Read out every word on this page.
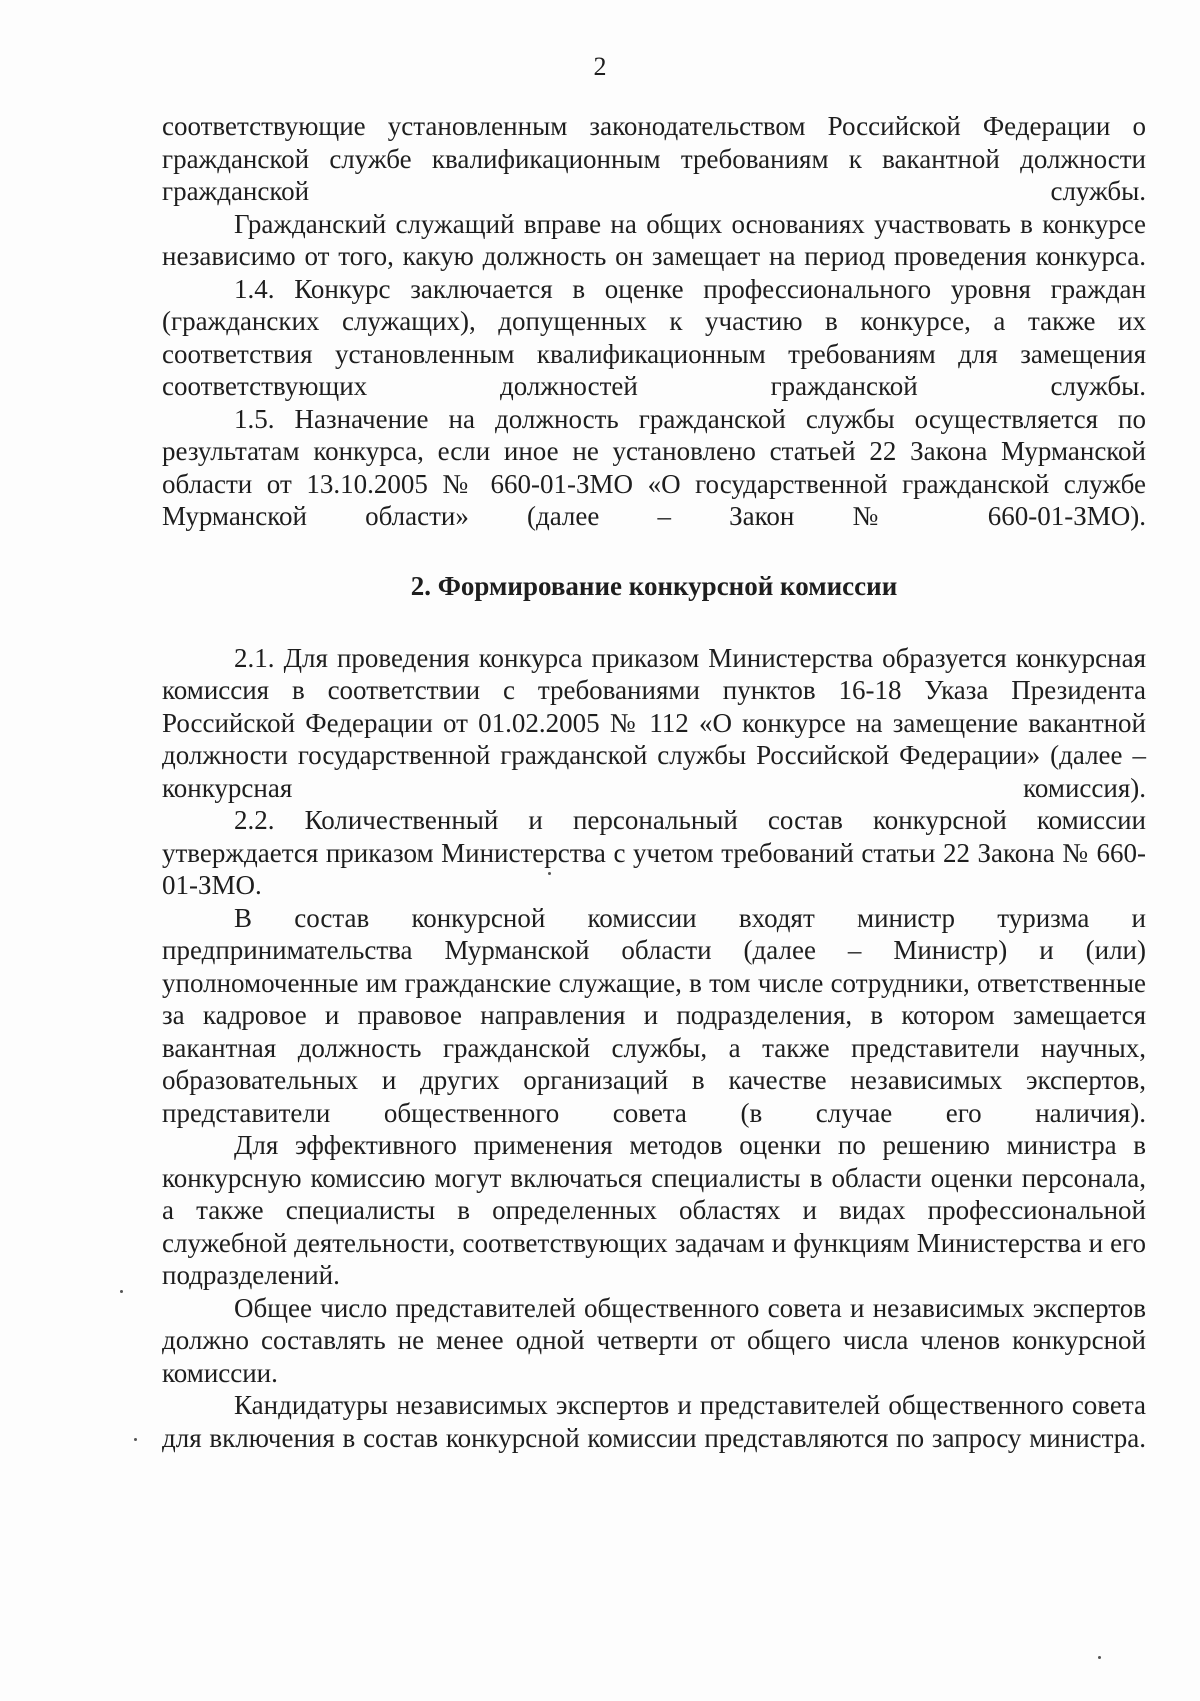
2

соответствующие установленным законодательством Российской Федерации о гражданской службе квалификационным требованиям к вакантной должности гражданской службы.

Гражданский служащий вправе на общих основаниях участвовать в конкурсе независимо от того, какую должность он замещает на период проведения конкурса.

1.4. Конкурс заключается в оценке профессионального уровня граждан (гражданских служащих), допущенных к участию в конкурсе, а также их соответствия установленным квалификационным требованиям для замещения соответствующих должностей гражданской службы.

1.5. Назначение на должность гражданской службы осуществляется по результатам конкурса, если иное не установлено статьей 22 Закона Мурманской области от 13.10.2005 № 660-01-ЗМО «О государственной гражданской службе Мурманской области» (далее – Закон № 660-01-ЗМО).

2. Формирование конкурсной комиссии

2.1. Для проведения конкурса приказом Министерства образуется конкурсная комиссия в соответствии с требованиями пунктов 16-18 Указа Президента Российской Федерации от 01.02.2005 № 112 «О конкурсе на замещение вакантной должности государственной гражданской службы Российской Федерации» (далее – конкурсная комиссия).

2.2. Количественный и персональный состав конкурсной комиссии утверждается приказом Министерства с учетом требований статьи 22 Закона № 660-01-ЗМО.

В состав конкурсной комиссии входят министр туризма и предпринимательства Мурманской области (далее – Министр) и (или) уполномоченные им гражданские служащие, в том числе сотрудники, ответственные за кадровое и правовое направления и подразделения, в котором замещается вакантная должность гражданской службы, а также представители научных, образовательных и других организаций в качестве независимых экспертов, представители общественного совета (в случае его наличия).

Для эффективного применения методов оценки по решению министра в конкурсную комиссию могут включаться специалисты в области оценки персонала, а также специалисты в определенных областях и видах профессиональной служебной деятельности, соответствующих задачам и функциям Министерства и его подразделений.

Общее число представителей общественного совета и независимых экспертов должно составлять не менее одной четверти от общего числа членов конкурсной комиссии.

Кандидатуры независимых экспертов и представителей общественного совета для включения в состав конкурсной комиссии представляются по запросу министра.
